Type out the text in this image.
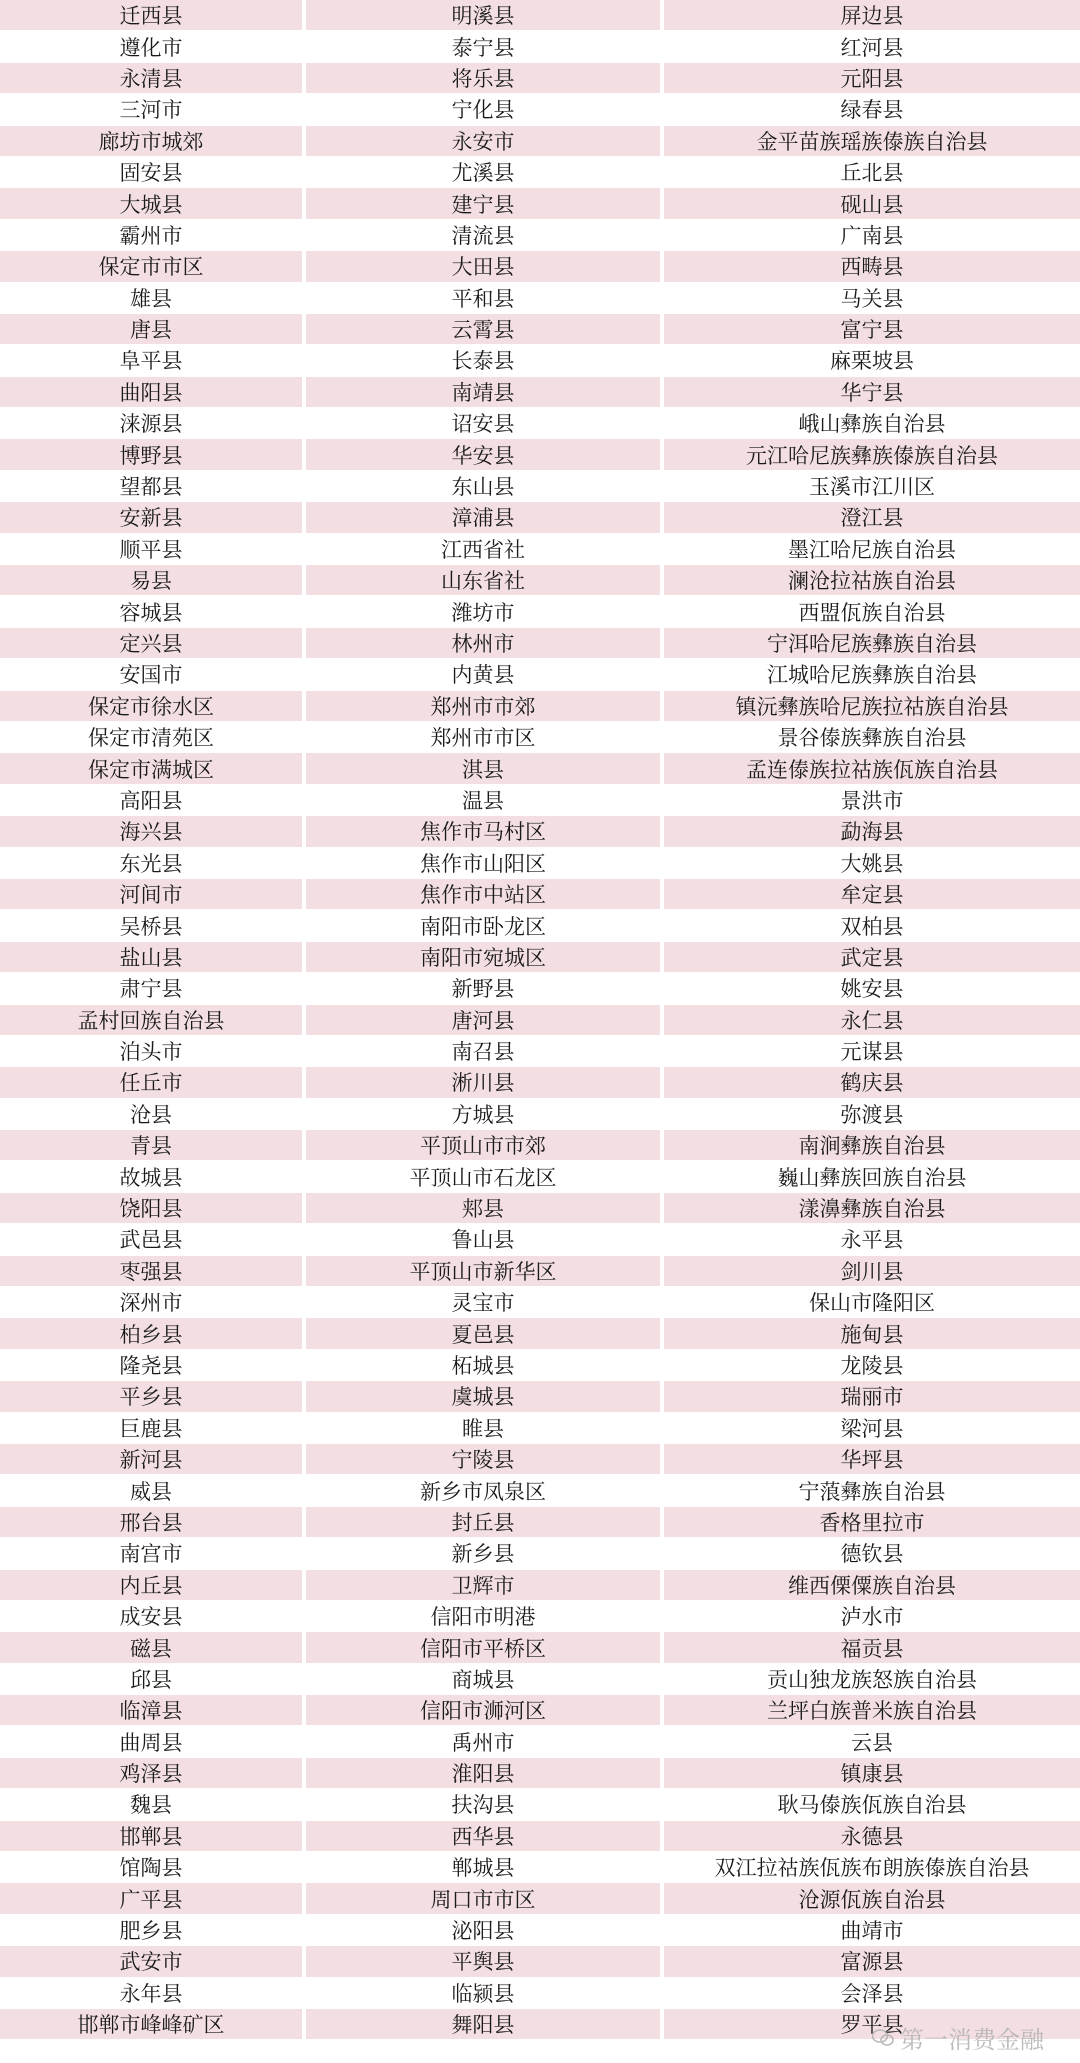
迁西县	明溪县	屏边县
遵化市	泰宁县	红河县
永清县	将乐县	元阳县
三河市	宁化县	绿春县
廊坊市城郊	永安市	金平苗族瑶族傣族自治县
固安县	尤溪县	丘北县
大城县	建宁县	砚山县
霸州市	清流县	广南县
保定市市区	大田县	西畴县
雄县	平和县	马关县
唐县	云霄县	富宁县
阜平县	长泰县	麻栗坡县
曲阳县	南靖县	华宁县
涞源县	诏安县	峨山彝族自治县
博野县	华安县	元江哈尼族彝族傣族自治县
望都县	东山县	玉溪市江川区
安新县	漳浦县	澄江县
顺平县	江西省社	墨江哈尼族自治县
易县	山东省社	澜沧拉祜族自治县
容城县	潍坊市	西盟佤族自治县
定兴县	林州市	宁洱哈尼族彝族自治县
安国市	内黄县	江城哈尼族彝族自治县
保定市徐水区	郑州市市郊	镇沅彝族哈尼族拉祜族自治县
保定市清苑区	郑州市市区	景谷傣族彝族自治县
保定市满城区	淇县	孟连傣族拉祜族佤族自治县
高阳县	温县	景洪市
海兴县	焦作市马村区	勐海县
东光县	焦作市山阳区	大姚县
河间市	焦作市中站区	牟定县
吴桥县	南阳市卧龙区	双柏县
盐山县	南阳市宛城区	武定县
肃宁县	新野县	姚安县
孟村回族自治县	唐河县	永仁县
泊头市	南召县	元谋县
任丘市	淅川县	鹤庆县
沧县	方城县	弥渡县
青县	平顶山市市郊	南涧彝族自治县
故城县	平顶山市石龙区	巍山彝族回族自治县
饶阳县	郏县	漾濞彝族自治县
武邑县	鲁山县	永平县
枣强县	平顶山市新华区	剑川县
深州市	灵宝市	保山市隆阳区
柏乡县	夏邑县	施甸县
隆尧县	柘城县	龙陵县
平乡县	虞城县	瑞丽市
巨鹿县	睢县	梁河县
新河县	宁陵县	华坪县
威县	新乡市凤泉区	宁蒗彝族自治县
邢台县	封丘县	香格里拉市
南宫市	新乡县	德钦县
内丘县	卫辉市	维西傈僳族自治县
成安县	信阳市明港	泸水市
磁县	信阳市平桥区	福贡县
邱县	商城县	贡山独龙族怒族自治县
临漳县	信阳市浉河区	兰坪白族普米族自治县
曲周县	禹州市	云县
鸡泽县	淮阳县	镇康县
魏县	扶沟县	耿马傣族佤族自治县
邯郸县	西华县	永德县
馆陶县	郸城县	双江拉祜族佤族布朗族傣族自治县
广平县	周口市市区	沧源佤族自治县
肥乡县	泌阳县	曲靖市
武安市	平舆县	富源县
永年县	临颍县	会泽县
邯郸市峰峰矿区	舞阳县	罗平县
第一消费金融
